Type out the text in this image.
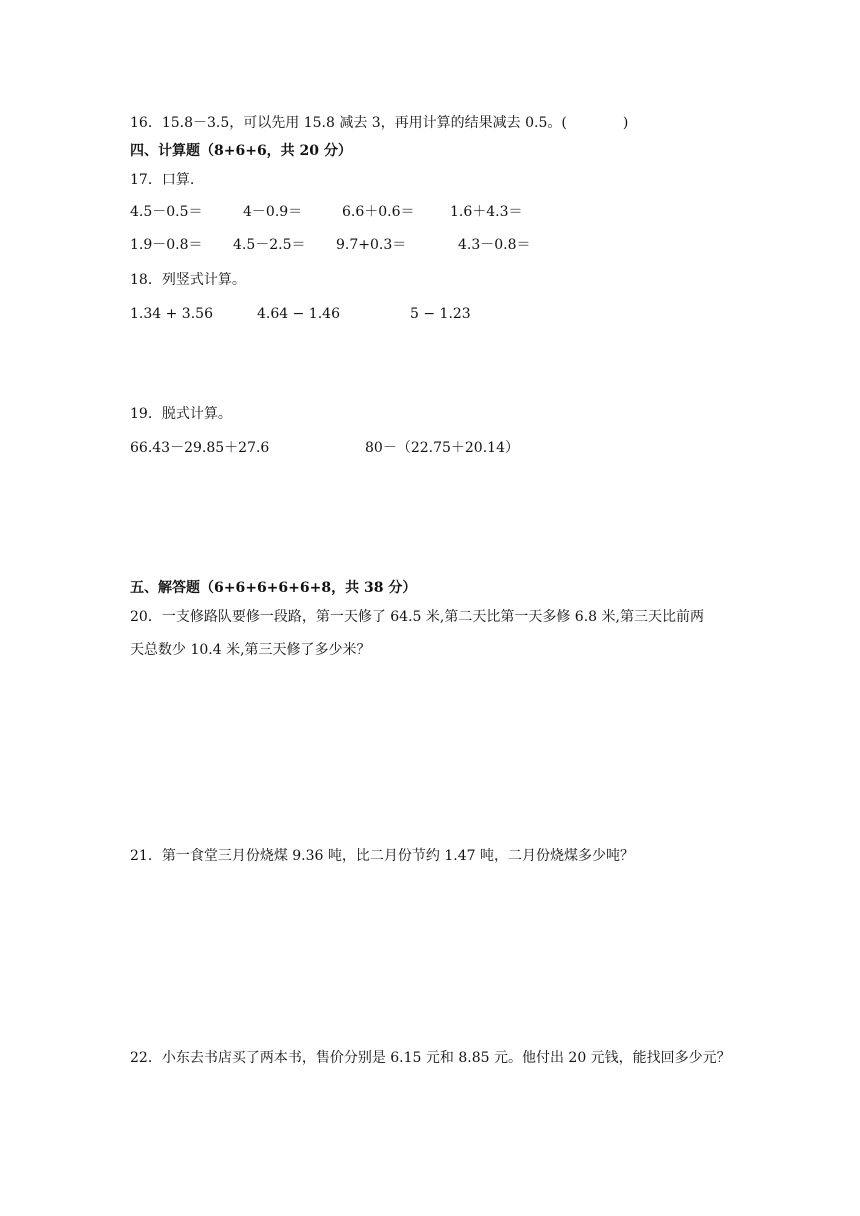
16．15.8－3.5，可以先用 15.8 减去 3，再用计算的结果减去 0.5。(　　　　)
四、计算题（8+6+6，共 20 分）
17．口算.
4.5－0.5＝	4－0.9＝	6.6＋0.6＝	1.6＋4.3＝
1.9－0.8＝ 4.5－2.5＝ 9.7+0.3＝	4.3－0.8＝
18．列竖式计算。
1.34 + 3.56	4.64 − 1.46	5 − 1.23
19．脱式计算。
66.43－29.85＋27.6	80－（22.75＋20.14）
五、解答题（6+6+6+6+6+8，共 38 分）
20．一支修路队要修一段路，第一天修了 64.5 米,第二天比第一天多修 6.8 米,第三天比前两
天总数少 10.4 米,第三天修了多少米？
21．第一食堂三月份烧煤 9.36 吨，比二月份节约 1.47 吨，二月份烧煤多少吨？
22．小东去书店买了两本书，售价分别是 6.15 元和 8.85 元。他付出 20 元钱，能找回多少元？
